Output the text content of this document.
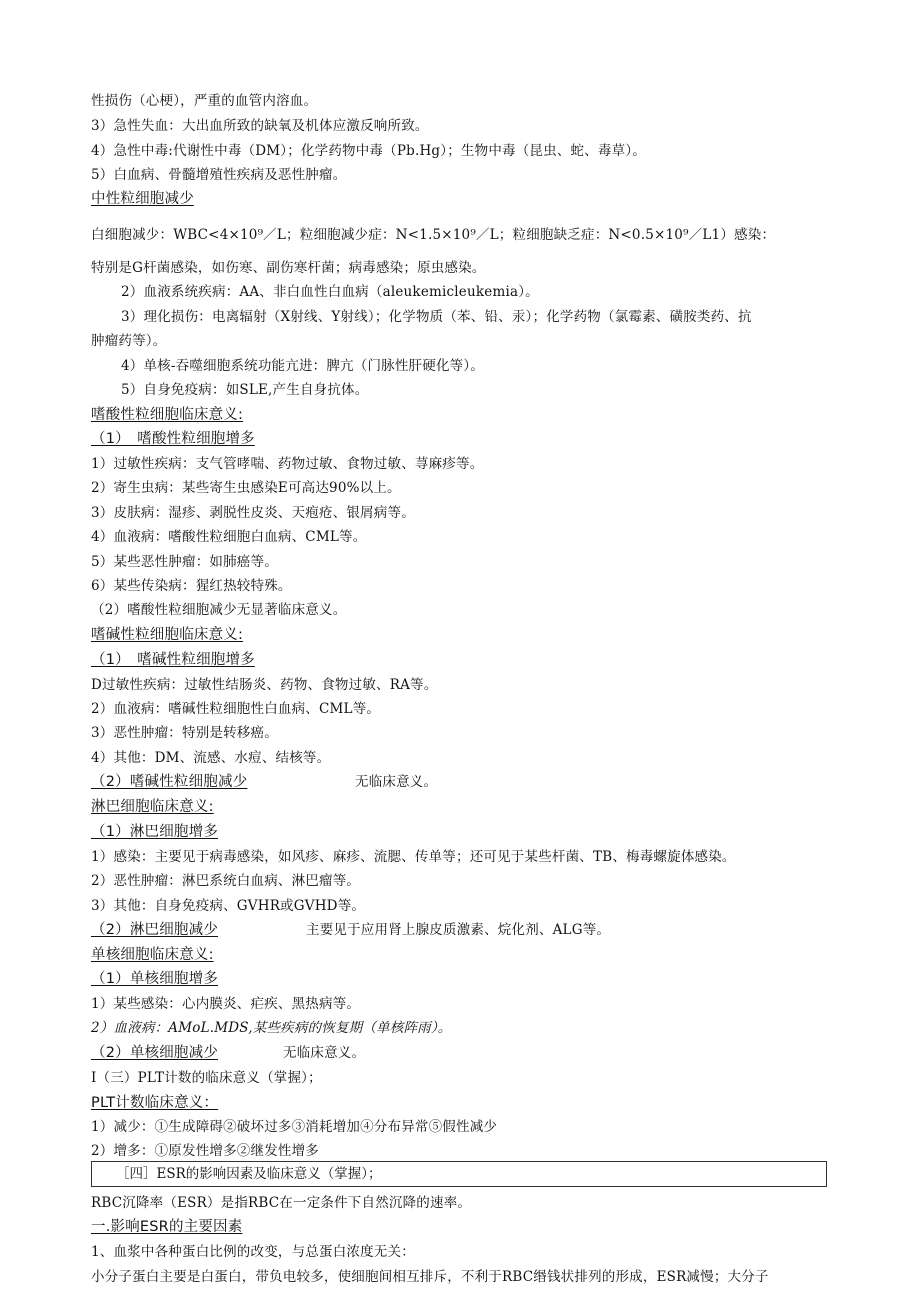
性损伤（心梗），严重的血管内溶血。
3）急性失血：大出血所致的缺氧及机体应激反响所致。
4）急性中毒:代谢性中毒（DM）；化学药物中毒（Pb.Hg）；生物中毒（昆虫、蛇、毒草）。
5）白血病、骨髓增殖性疾病及恶性肿瘤。
中性粒细胞减少
白细胞减少：WBC<4×10⁹／L；粒细胞减少症：N<1.5×10⁹／L；粒细胞缺乏症：N<0.5×10⁹／L1）感染：
特别是G杆菌感染，如伤寒、副伤寒杆菌；病毒感染；原虫感染。
2）血液系统疾病：AA、非白血性白血病（aleukemicleukemia）。
3）理化损伤：电离辐射（X射线、Y射线）；化学物质（苯、铅、汞）；化学药物（氯霉素、磺胺类药、抗
肿瘤药等）。
4）单核-吞噬细胞系统功能亢进：脾亢（门脉性肝硬化等）。
5）自身免疫病：如SLE,产生自身抗体。
嗜酸性粒细胞临床意义:
（1）　嗜酸性粒细胞增多
1）过敏性疾病：支气管哮喘、药物过敏、食物过敏、荨麻疹等。
2）寄生虫病：某些寄生虫感染E可高达90%以上。
3）皮肤病：湿疹、剥脱性皮炎、天疱疮、银屑病等。
4）血液病：嗜酸性粒细胞白血病、CML等。
5）某些恶性肿瘤：如肺癌等。
6）某些传染病：猩红热较特殊。
（2）嗜酸性粒细胞减少无显著临床意义。
嗜碱性粒细胞临床意义:
（1）　嗜碱性粒细胞增多
D过敏性疾病：过敏性结肠炎、药物、食物过敏、RA等。
2）血液病：嗜碱性粒细胞性白血病、CML等。
3）恶性肿瘤：特别是转移癌。
4）其他：DM、流感、水痘、结核等。
（2）嗜碱性粒细胞减少	无临床意义。
淋巴细胞临床意义:
（1）淋巴细胞增多
1）感染：主要见于病毒感染，如风疹、麻疹、流腮、传单等；还可见于某些杆菌、TB、梅毒螺旋体感染。
2）恶性肿瘤：淋巴系统白血病、淋巴瘤等。
3）其他：自身免疫病、GVHR或GVHD等。
（2）淋巴细胞减少	主要见于应用肾上腺皮质激素、烷化剂、ALG等。
单核细胞临床意义:
（1）单核细胞增多
1）某些感染：心内膜炎、疟疾、黑热病等。
2）血液病：AMoL.MDS,某些疾病的恢复期（单核阵雨）。
（2）单核细胞减少	无临床意义。
I（三）PLT计数的临床意义（掌握）；
PLT计数临床意义：
1）减少：①生成障碍②破坏过多③消耗增加④分布异常⑤假性减少
2）增多：①原发性增多②继发性增多
［四］ESR的影响因素及临床意义（掌握）；
RBC沉降率（ESR）是指RBC在一定条件下自然沉降的速率。
一.影响ESR的主要因素
1、血浆中各种蛋白比例的改变，与总蛋白浓度无关：
小分子蛋白主要是白蛋白，带负电较多，使细胞间相互排斥，不利于RBC缗钱状排列的形成，ESR减慢；大分子
